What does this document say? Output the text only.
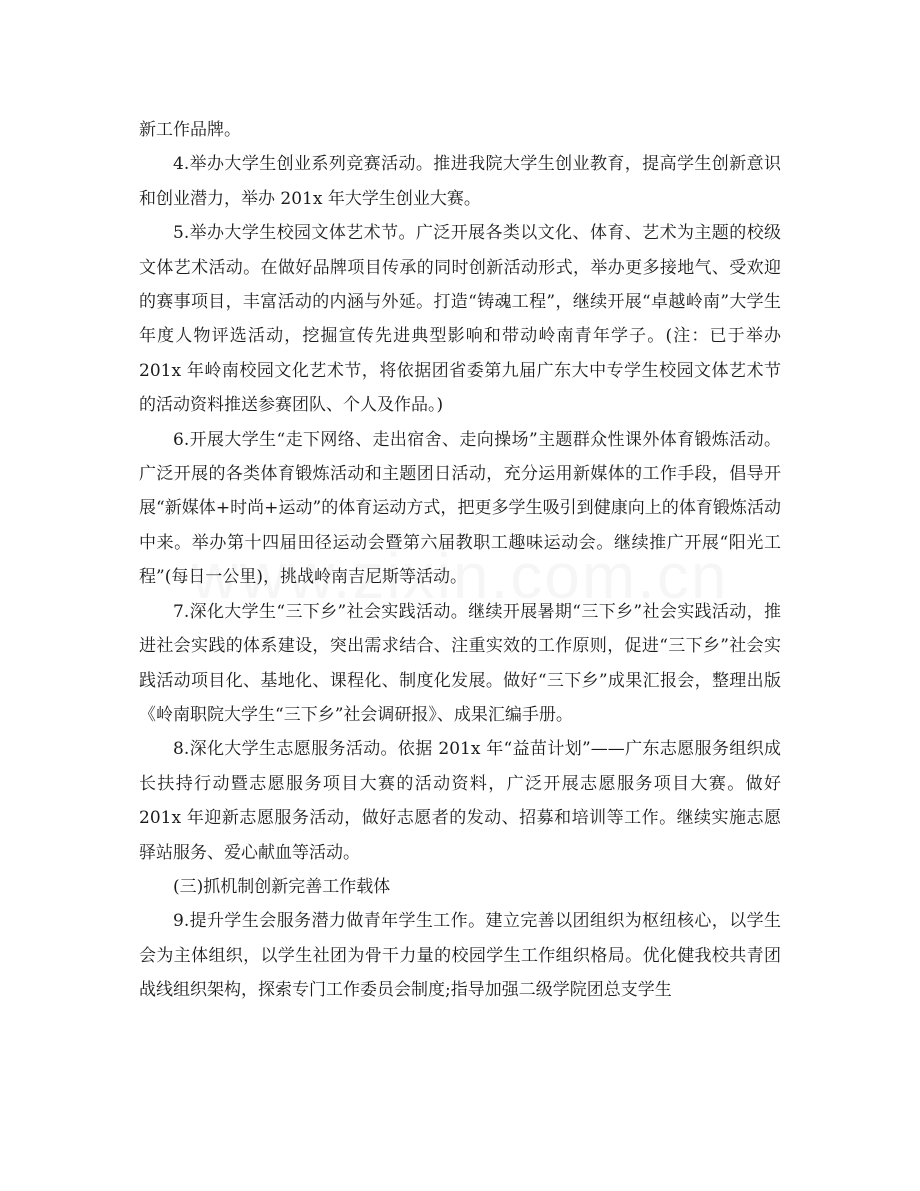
新工作品牌。

4.举办大学生创业系列竞赛活动。推进我院大学生创业教育，提高学生创新意识和创业潜力，举办 201x 年大学生创业大赛。

5.举办大学生校园文体艺术节。广泛开展各类以文化、体育、艺术为主题的校级文体艺术活动。在做好品牌项目传承的同时创新活动形式，举办更多接地气、受欢迎的赛事项目，丰富活动的内涵与外延。打造“铸魂工程”，继续开展“卓越岭南”大学生年度人物评选活动，挖掘宣传先进典型影响和带动岭南青年学子。(注：已于举办 201x 年岭南校园文化艺术节，将依据团省委第九届广东大中专学生校园文体艺术节的活动资料推送参赛团队、个人及作品。)

6.开展大学生“走下网络、走出宿舍、走向操场”主题群众性课外体育锻炼活动。广泛开展的各类体育锻炼活动和主题团日活动，充分运用新媒体的工作手段，倡导开展“新媒体+时尚+运动”的体育运动方式，把更多学生吸引到健康向上的体育锻炼活动中来。举办第十四届田径运动会暨第六届教职工趣味运动会。继续推广开展“阳光工程”(每日一公里)，挑战岭南吉尼斯等活动。

7.深化大学生“三下乡”社会实践活动。继续开展暑期“三下乡”社会实践活动，推进社会实践的体系建设，突出需求结合、注重实效的工作原则，促进“三下乡”社会实践活动项目化、基地化、课程化、制度化发展。做好“三下乡”成果汇报会，整理出版《岭南职院大学生“三下乡”社会调研报》、成果汇编手册。

8.深化大学生志愿服务活动。依据 201x 年“益苗计划”——广东志愿服务组织成长扶持行动暨志愿服务项目大赛的活动资料，广泛开展志愿服务项目大赛。做好 201x 年迎新志愿服务活动，做好志愿者的发动、招募和培训等工作。继续实施志愿驿站服务、爱心献血等活动。

(三)抓机制创新完善工作载体

9.提升学生会服务潜力做青年学生工作。建立完善以团组织为枢纽核心，以学生会为主体组织，以学生社团为骨干力量的校园学生工作组织格局。优化健我校共青团战线组织架构，探索专门工作委员会制度;指导加强二级学院团总支学生
